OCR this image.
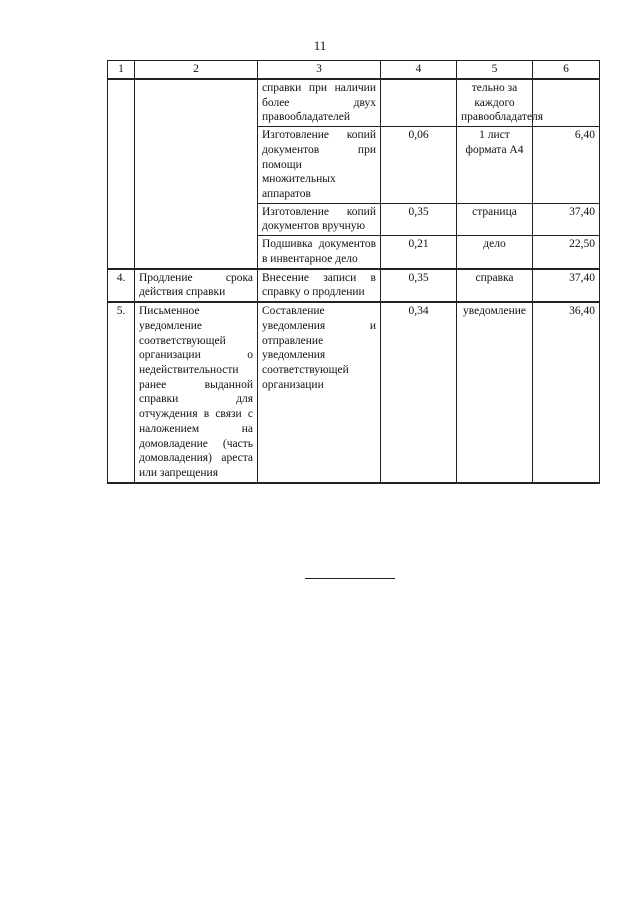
11
1	2	3	4	5	6
		справки при наличии более двух правообладателей		тельно за каждого правообладателя	
		Изготовление копий документов при помощи множительных аппаратов	0,06	1 лист формата А4	6,40
		Изготовление копий документов вручную	0,35	страница	37,40
		Подшивка документов в инвентарное дело	0,21	дело	22,50
4.	Продление срока действия справки	Внесение записи в справку о продлении	0,35	справка	37,40
5.	Письменное уведомление соответствующей организации о недействительности ранее выданной справки для отчуждения в связи с наложением на домовладение (часть домовладения) ареста или запрещения	Составление уведомления и отправление уведомления соответствующей организации	0,34	уведомление	36,40
